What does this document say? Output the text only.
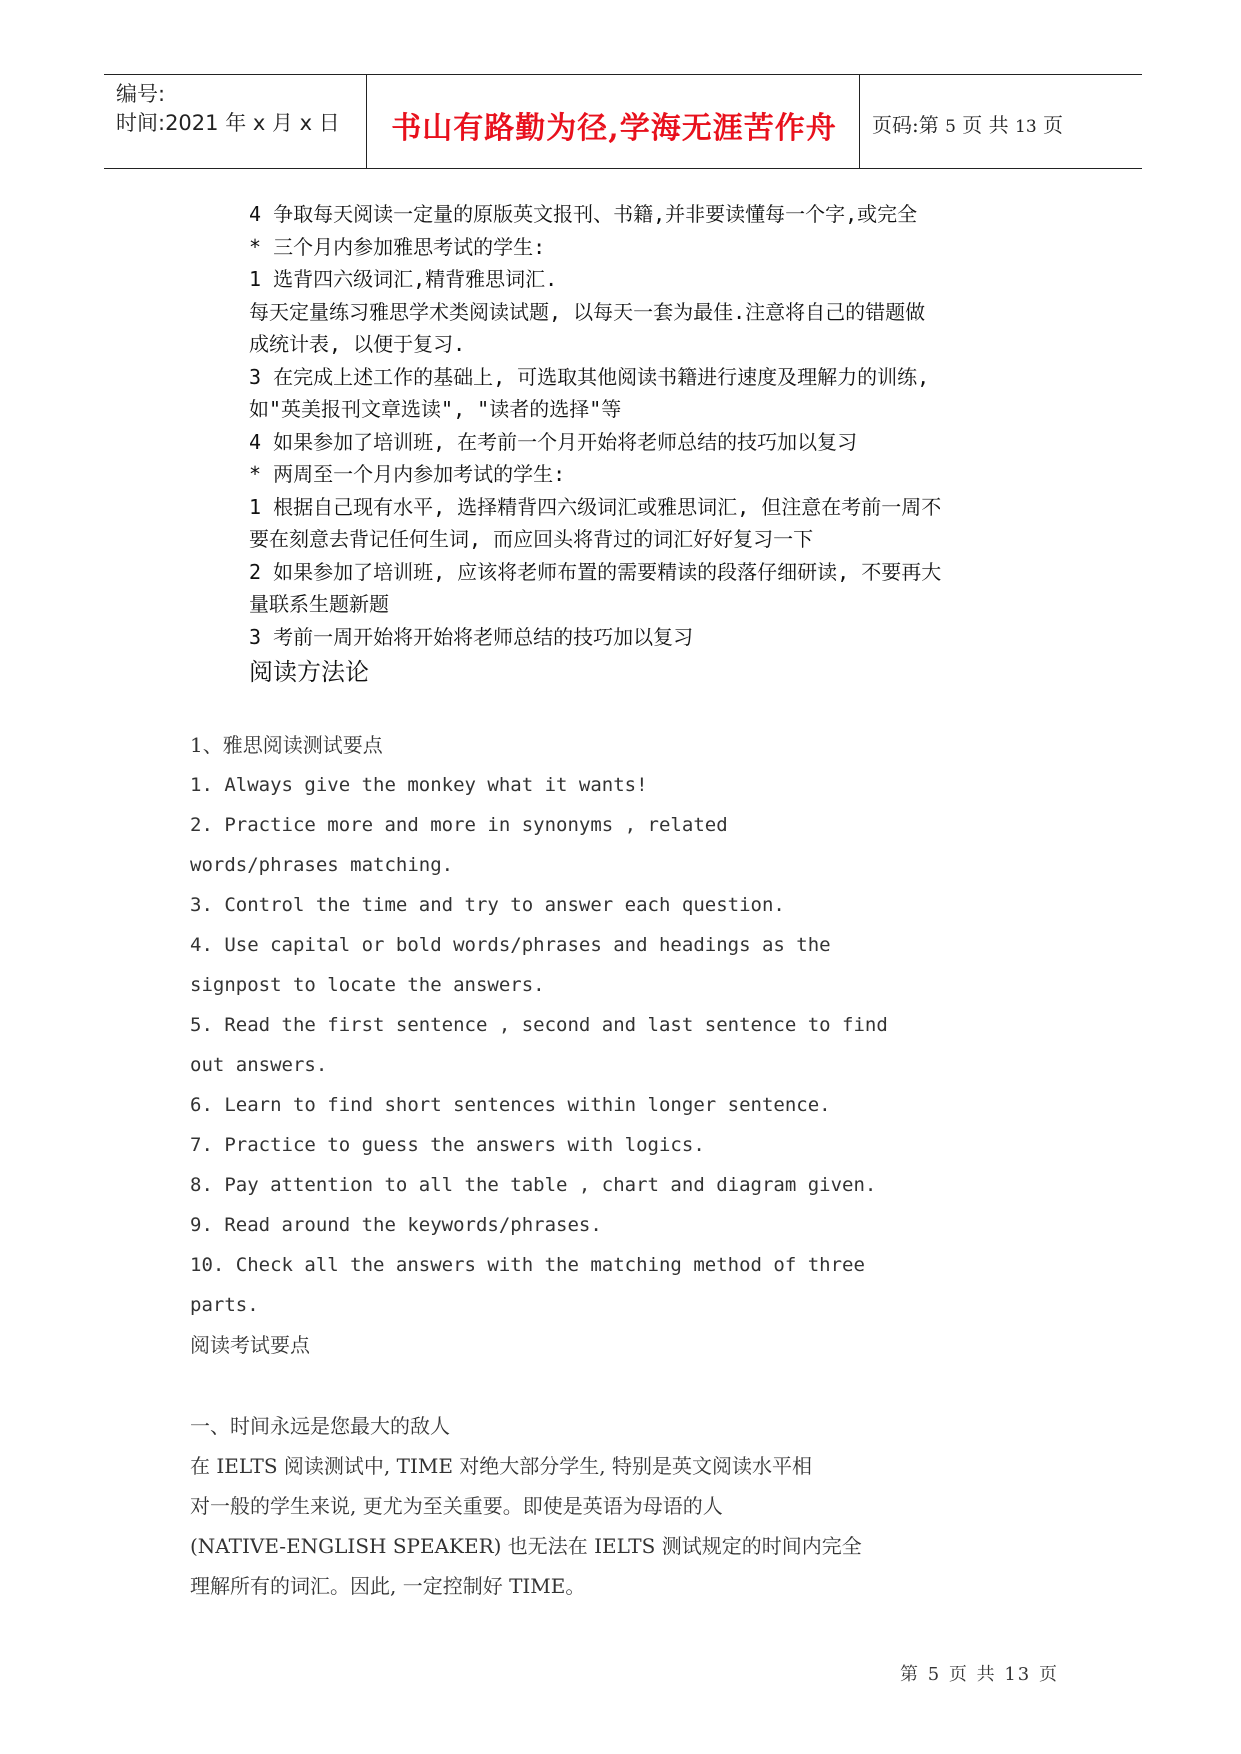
编号:
时间:2021 年 x 月 x 日	书山有路勤为径,学海无涯苦作舟	页码:第 5 页 共 13 页
4 争取每天阅读一定量的原版英文报刊、书籍,并非要读懂每一个字,或完全
* 三个月内参加雅思考试的学生:
1 选背四六级词汇,精背雅思词汇.
每天定量练习雅思学术类阅读试题, 以每天一套为最佳.注意将自己的错题做
成统计表, 以便于复习.
3 在完成上述工作的基础上, 可选取其他阅读书籍进行速度及理解力的训练,
如"英美报刊文章选读", "读者的选择"等
4 如果参加了培训班, 在考前一个月开始将老师总结的技巧加以复习
* 两周至一个月内参加考试的学生:
1 根据自己现有水平, 选择精背四六级词汇或雅思词汇, 但注意在考前一周不
要在刻意去背记任何生词, 而应回头将背过的词汇好好复习一下
2 如果参加了培训班, 应该将老师布置的需要精读的段落仔细研读, 不要再大
量联系生题新题
3 考前一周开始将开始将老师总结的技巧加以复习
阅读方法论
1、雅思阅读测试要点
1. Always give the monkey what it wants!
2. Practice more and more in synonyms , related
words/phrases matching.
3. Control the time and try to answer each question.
4. Use capital or bold words/phrases and headings as the
signpost to locate the answers.
5. Read the first sentence , second and last sentence to find
out answers.
6. Learn to find short sentences within longer sentence.
7. Practice to guess the answers with logics.
8. Pay attention to all the table , chart and diagram given.
9. Read around the keywords/phrases.
10. Check all the answers with the matching method of three
parts.
阅读考试要点
一、时间永远是您最大的敌人
在 IELTS 阅读测试中, TIME 对绝大部分学生, 特别是英文阅读水平相
对一般的学生来说, 更尤为至关重要。即使是英语为母语的人
(NATIVE-ENGLISH SPEAKER) 也无法在 IELTS 测试规定的时间内完全
理解所有的词汇。因此, 一定控制好 TIME。
第 5 页 共 13 页
